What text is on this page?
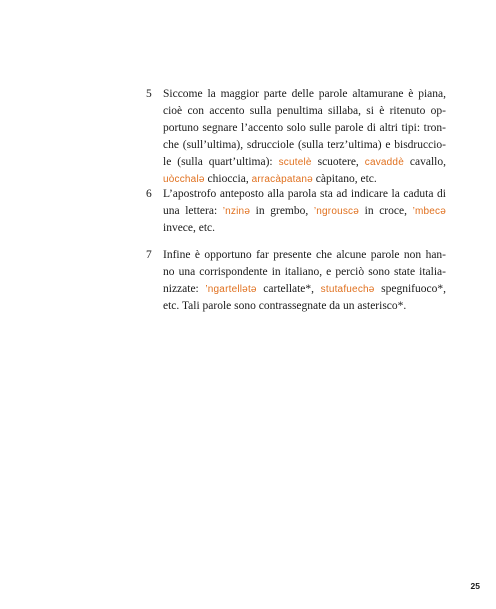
5 Siccome la maggior parte delle parole altamurane è piana,
cioè con accento sulla penultima sillaba, si è ritenuto op-
portuno segnare l’accento solo sulle parole di altri tipi: tron-
che (sull’ultima), sdrucciole (sulla terz’ultima) e bisdruccio-
le (sulla quart’ultima): scutelè scuotere, cavaddè cavallo,
uòcchalə chioccia, arracàpatanə càpitano, etc.
6 L’apostrofo anteposto alla parola sta ad indicare la caduta di
una lettera: ’nzinə in grembo, ’ngrouscə in croce, ’mbecə
invece, etc.
7 Infine è opportuno far presente che alcune parole non han-
no una corrispondente in italiano, e perciò sono state italia-
nizzate: ’ngartellətə cartellate*, stutafuechə spegnifuoco*,
etc. Tali parole sono contrassegnate da un asterisco*.
25
